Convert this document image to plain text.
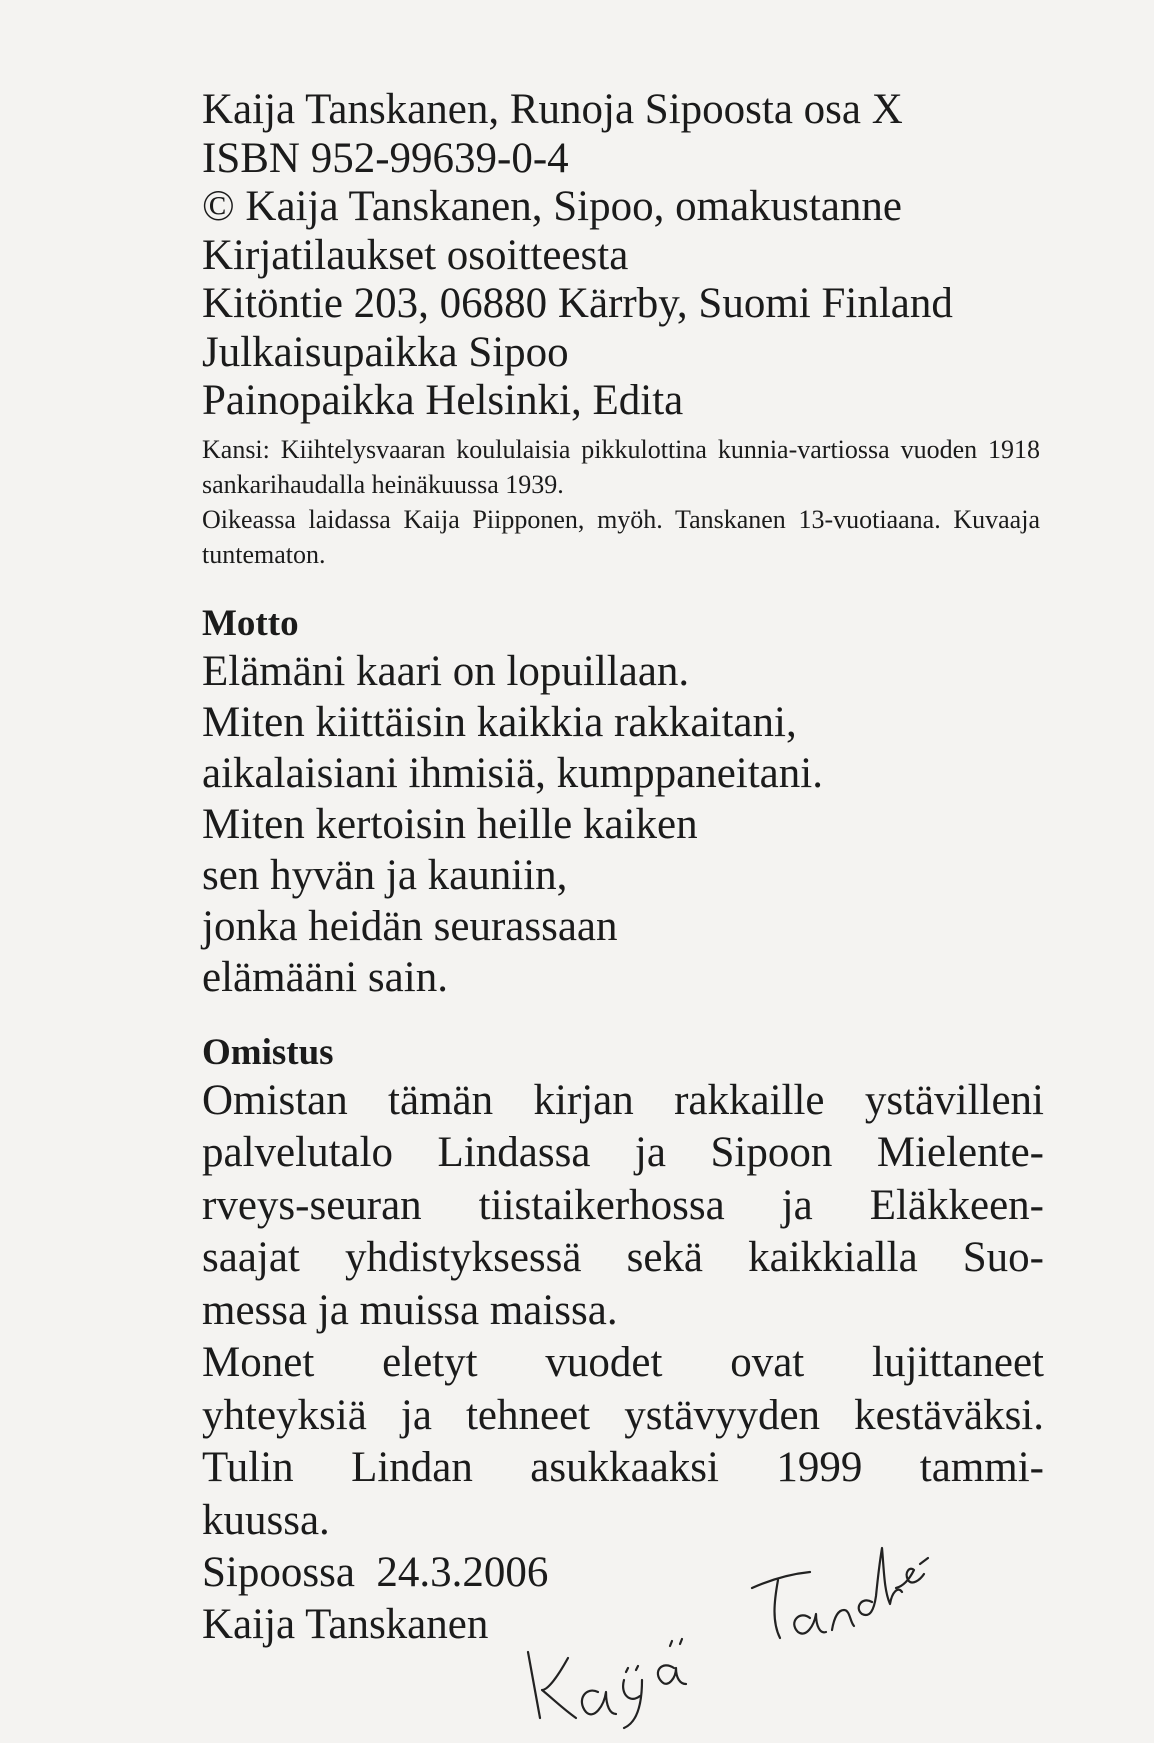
Kaija Tanskanen, Runoja Sipoosta osa X
ISBN 952-99639-0-4
© Kaija Tanskanen, Sipoo, omakustanne
Kirjatilaukset osoitteesta
Kitöntie 203, 06880 Kärrby, Suomi Finland
Julkaisupaikka Sipoo
Painopaikka Helsinki, Edita
Kansi: Kiihtelysvaaran koululaisia pikkulottina kunnia-vartiossa vuoden 1918 sankarihaudalla heinäkuussa 1939.
Oikeassa laidassa Kaija Piipponen, myöh. Tanskanen 13-vuotiaana. Kuvaaja tuntematon.
Motto
Elämäni kaari on lopuillaan.
Miten kiittäisin kaikkia rakkaitani,
aikalaisiani ihmisiä, kumppaneitani.
Miten kertoisin heille kaiken
sen hyvän ja kauniin,
jonka heidän seurassaan
elämääni sain.
Omistus
Omistan tämän kirjan rakkaille ystävilleni
palvelutalo Lindassa ja Sipoon Mielente-
rveys-seuran tiistaikerhossa ja Eläkkeen-
saajat yhdistyksessä sekä kaikkialla Suo-
messa ja muissa maissa.
Monet eletyt vuodet ovat lujittaneet
yhteyksiä ja tehneet ystävyyden kestäväksi.
Tulin Lindan asukkaaksi 1999 tammi-
kuussa.
Sipoossa  24.3.2006
Kaija Tanskanen
